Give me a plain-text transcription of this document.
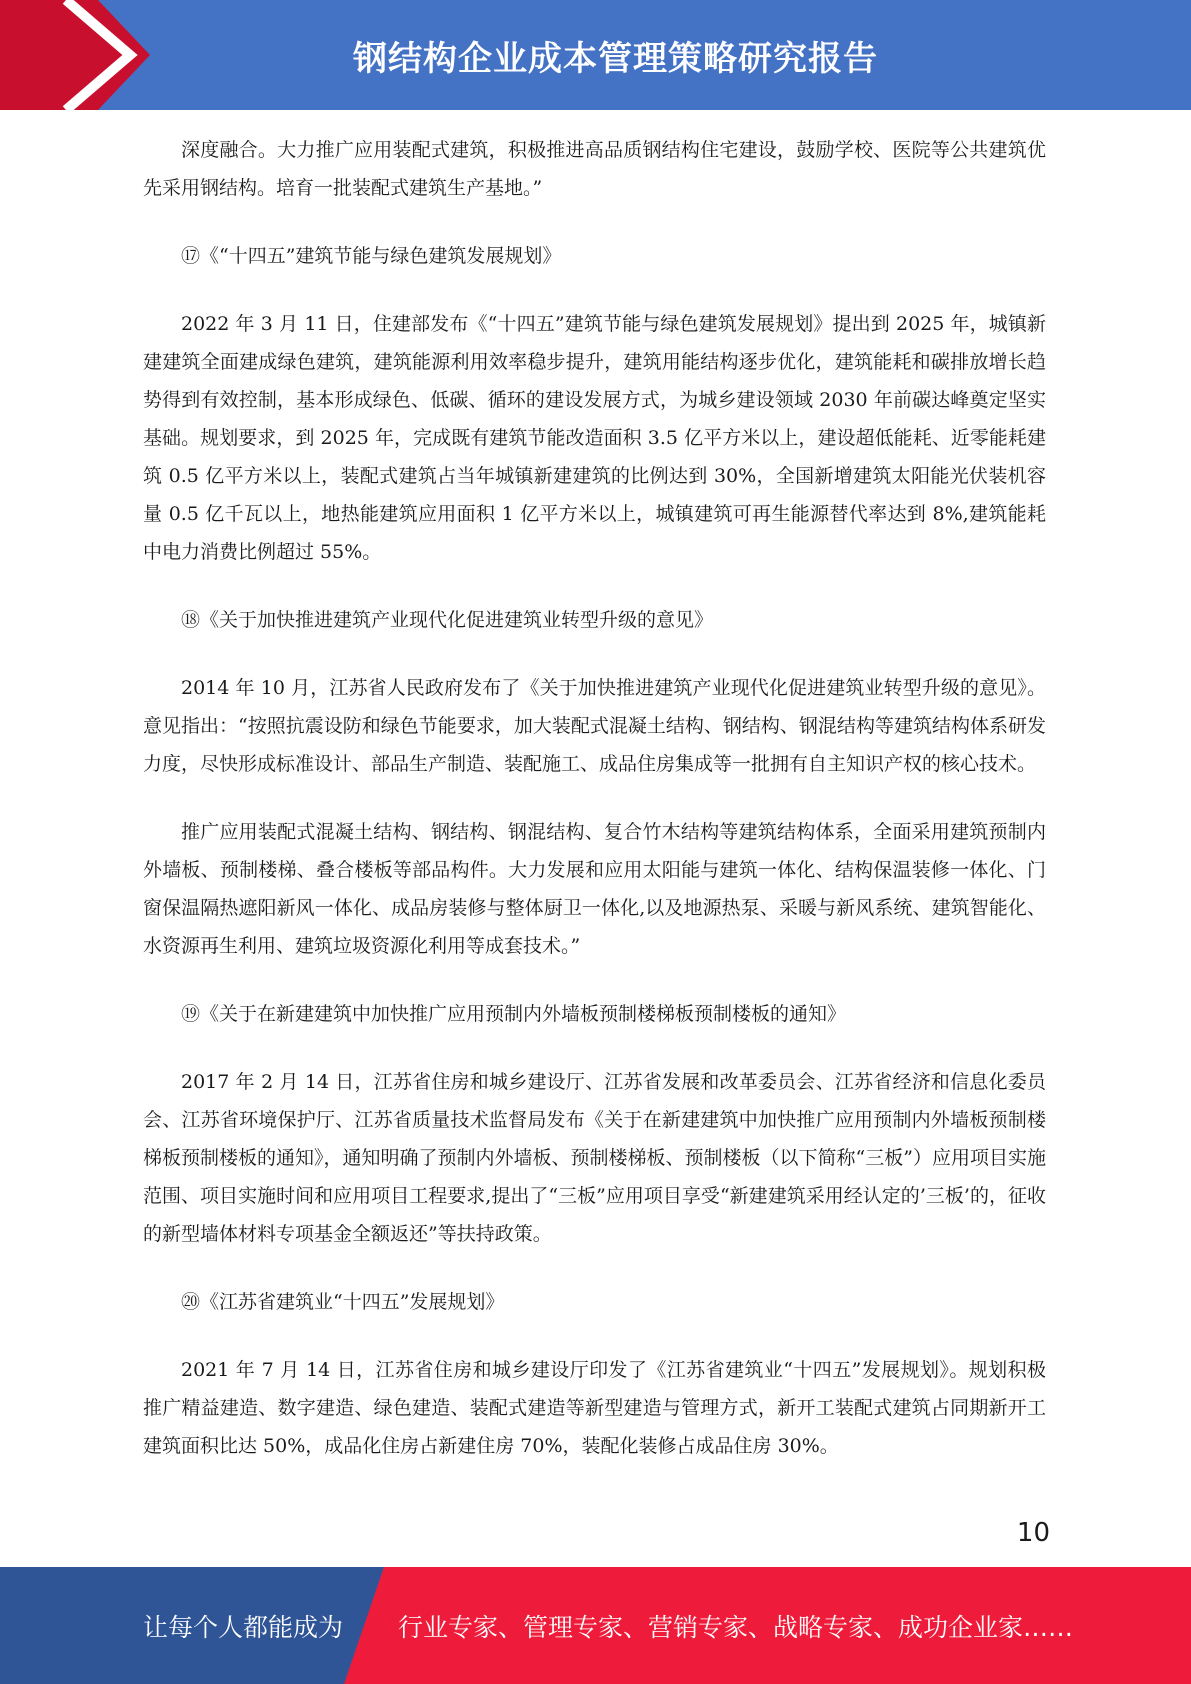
钢结构企业成本管理策略研究报告

深度融合。大力推广应用装配式建筑，积极推进高品质钢结构住宅建设，鼓励学校、医院等公共建筑优先采用钢结构。培育一批装配式建筑生产基地。”

⑰《“十四五”建筑节能与绿色建筑发展规划》

2022 年 3 月 11 日，住建部发布《“十四五”建筑节能与绿色建筑发展规划》提出到 2025 年，城镇新建建筑全面建成绿色建筑，建筑能源利用效率稳步提升，建筑用能结构逐步优化，建筑能耗和碳排放增长趋势得到有效控制，基本形成绿色、低碳、循环的建设发展方式，为城乡建设领域 2030 年前碳达峰奠定坚实基础。规划要求，到 2025 年，完成既有建筑节能改造面积 3.5 亿平方米以上，建设超低能耗、近零能耗建筑 0.5 亿平方米以上，装配式建筑占当年城镇新建建筑的比例达到 30%，全国新增建筑太阳能光伏装机容量 0.5 亿千瓦以上，地热能建筑应用面积 1 亿平方米以上，城镇建筑可再生能源替代率达到 8%,建筑能耗中电力消费比例超过 55%。

⑱《关于加快推进建筑产业现代化促进建筑业转型升级的意见》

2014 年 10 月，江苏省人民政府发布了《关于加快推进建筑产业现代化促进建筑业转型升级的意见》。意见指出：“按照抗震设防和绿色节能要求，加大装配式混凝土结构、钢结构、钢混结构等建筑结构体系研发力度，尽快形成标准设计、部品生产制造、装配施工、成品住房集成等一批拥有自主知识产权的核心技术。

推广应用装配式混凝土结构、钢结构、钢混结构、复合竹木结构等建筑结构体系，全面采用建筑预制内外墙板、预制楼梯、叠合楼板等部品构件。大力发展和应用太阳能与建筑一体化、结构保温装修一体化、门窗保温隔热遮阳新风一体化、成品房装修与整体厨卫一体化,以及地源热泵、采暖与新风系统、建筑智能化、水资源再生利用、建筑垃圾资源化利用等成套技术。”

⑲《关于在新建建筑中加快推广应用预制内外墙板预制楼梯板预制楼板的通知》

2017 年 2 月 14 日，江苏省住房和城乡建设厅、江苏省发展和改革委员会、江苏省经济和信息化委员会、江苏省环境保护厅、江苏省质量技术监督局发布《关于在新建建筑中加快推广应用预制内外墙板预制楼梯板预制楼板的通知》，通知明确了预制内外墙板、预制楼梯板、预制楼板（以下简称“三板”）应用项目实施范围、项目实施时间和应用项目工程要求,提出了“三板”应用项目享受“新建建筑采用经认定的’三板’的，征收的新型墙体材料专项基金全额返还”等扶持政策。

⑳《江苏省建筑业“十四五”发展规划》

2021 年 7 月 14 日，江苏省住房和城乡建设厅印发了《江苏省建筑业“十四五”发展规划》。规划积极推广精益建造、数字建造、绿色建造、装配式建造等新型建造与管理方式，新开工装配式建筑占同期新开工建筑面积比达 50%，成品化住房占新建住房 70%，装配化装修占成品住房 30%。

10
让每个人都能成为 行业专家、管理专家、营销专家、战略专家、成功企业家……
